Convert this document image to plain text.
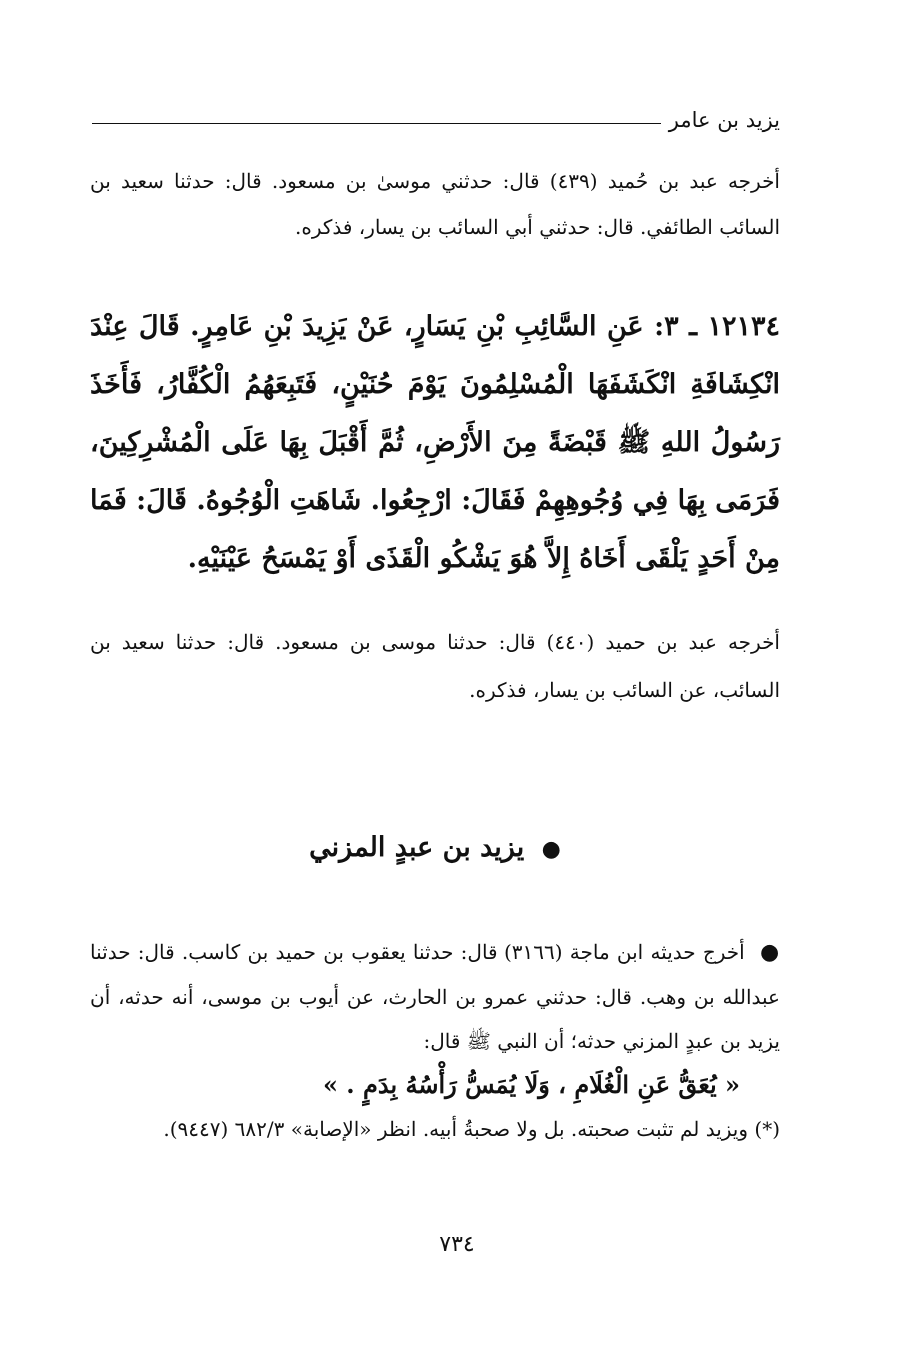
يزيد بن عامر

أخرجه عبد بن حُميد (٤٣٩) قال: حدثني موسىٰ بن مسعود. قال: حدثنا سعيد بن السائب الطائفي. قال: حدثني أبي السائب بن يسار، فذكره.

١٢١٣٤ ـ ٣: عَنِ السَّائِبِ بْنِ يَسَارٍ، عَنْ يَزِيدَ بْنِ عَامِرٍ. قَالَ عِنْدَ انْكِشَافَةِ انْكَشَفَهَا الْمُسْلِمُونَ يَوْمَ حُنَيْنٍ، فَتَبِعَهُمُ الْكُفَّارُ، فَأَخَذَ رَسُولُ اللهِ ﷺ قَبْضَةً مِنَ الأَرْضِ، ثُمَّ أَقْبَلَ بِهَا عَلَى الْمُشْرِكِينَ، فَرَمَى بِهَا فِي وُجُوهِهِمْ فَقَالَ: ارْجِعُوا. شَاهَتِ الْوُجُوهُ. قَالَ: فَمَا مِنْ أَحَدٍ يَلْقَى أَخَاهُ إِلاَّ هُوَ يَشْكُو الْقَذَى أَوْ يَمْسَحُ عَيْنَيْهِ.

أخرجه عبد بن حميد (٤٤٠) قال: حدثنا موسى بن مسعود. قال: حدثنا سعيد بن السائب، عن السائب بن يسار، فذكره.

● يزيد بن عبدٍ المزني

● أخرج حديثه ابن ماجة (٣١٦٦) قال: حدثنا يعقوب بن حميد بن كاسب. قال: حدثنا عبدالله بن وهب. قال: حدثني عمرو بن الحارث، عن أيوب بن موسى، أنه حدثه، أن يزيد بن عبدٍ المزني حدثه؛ أن النبي ﷺ قال:
« يُعَقُّ عَنِ الْغُلَامِ ، وَلَا يُمَسُّ رَأْسُهُ بِدَمٍ . »
(*) ويزيد لم تثبت صحبته. بل ولا صحبةُ أبيه. انظر «الإصابة» ٦٨٢/٣ (٩٤٤٧).

٧٣٤
